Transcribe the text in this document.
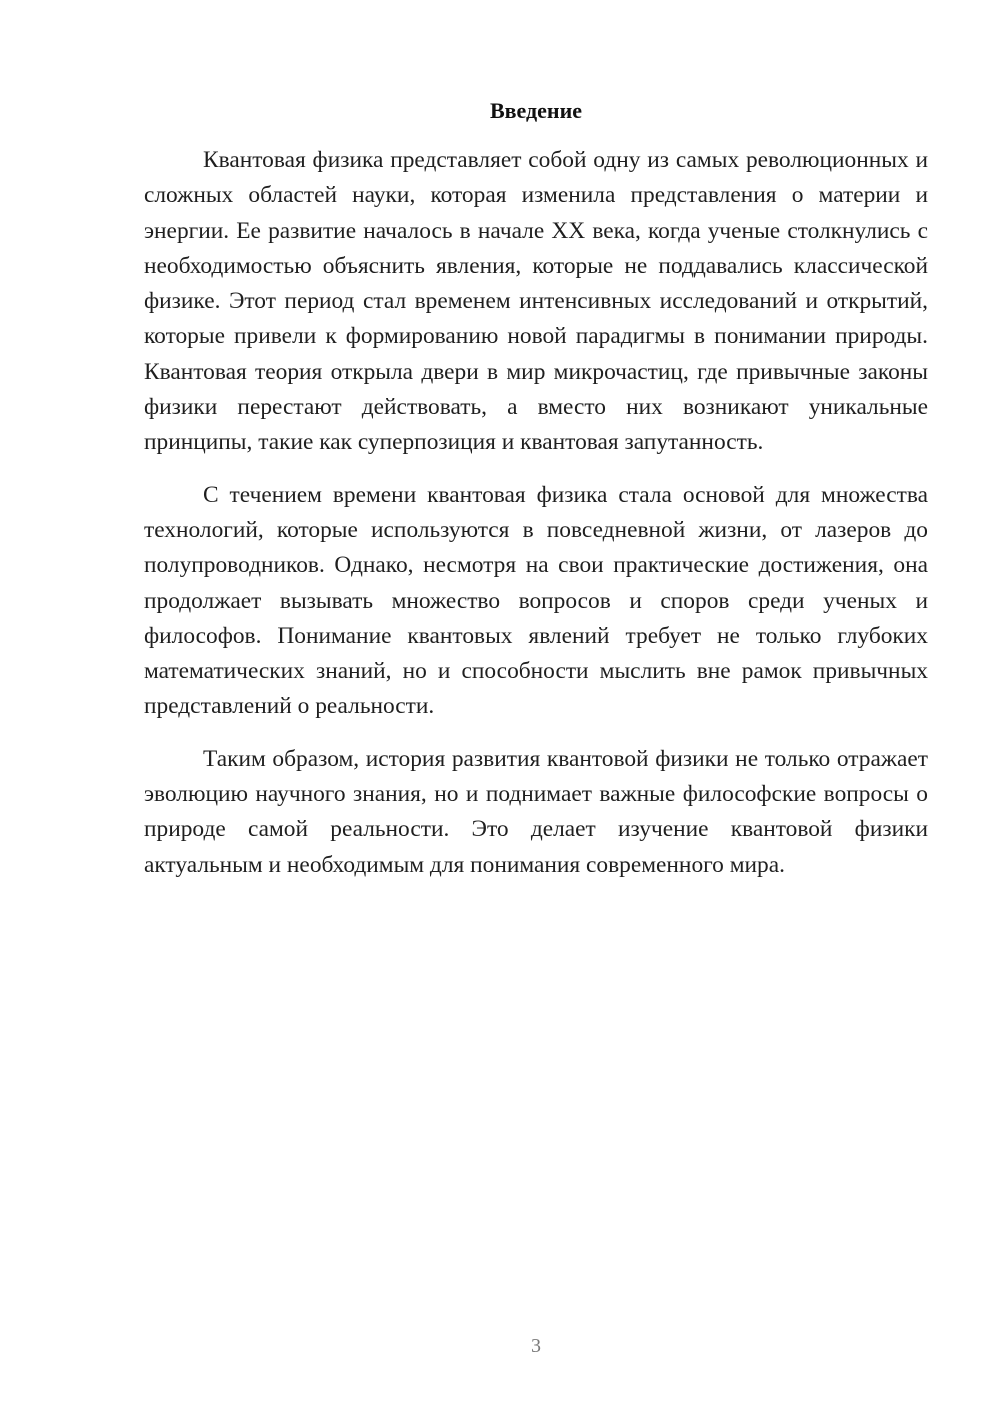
Введение

Квантовая физика представляет собой одну из самых революционных и сложных областей науки, которая изменила представления о материи и энергии. Ее развитие началось в начале XX века, когда ученые столкнулись с необходимостью объяснить явления, которые не поддавались классической физике. Этот период стал временем интенсивных исследований и открытий, которые привели к формированию новой парадигмы в понимании природы. Квантовая теория открыла двери в мир микрочастиц, где привычные законы физики перестают действовать, а вместо них возникают уникальные принципы, такие как суперпозиция и квантовая запутанность.

С течением времени квантовая физика стала основой для множества технологий, которые используются в повседневной жизни, от лазеров до полупроводников. Однако, несмотря на свои практические достижения, она продолжает вызывать множество вопросов и споров среди ученых и философов. Понимание квантовых явлений требует не только глубоких математических знаний, но и способности мыслить вне рамок привычных представлений о реальности.

Таким образом, история развития квантовой физики не только отражает эволюцию научного знания, но и поднимает важные философские вопросы о природе самой реальности. Это делает изучение квантовой физики актуальным и необходимым для понимания современного мира.

3
